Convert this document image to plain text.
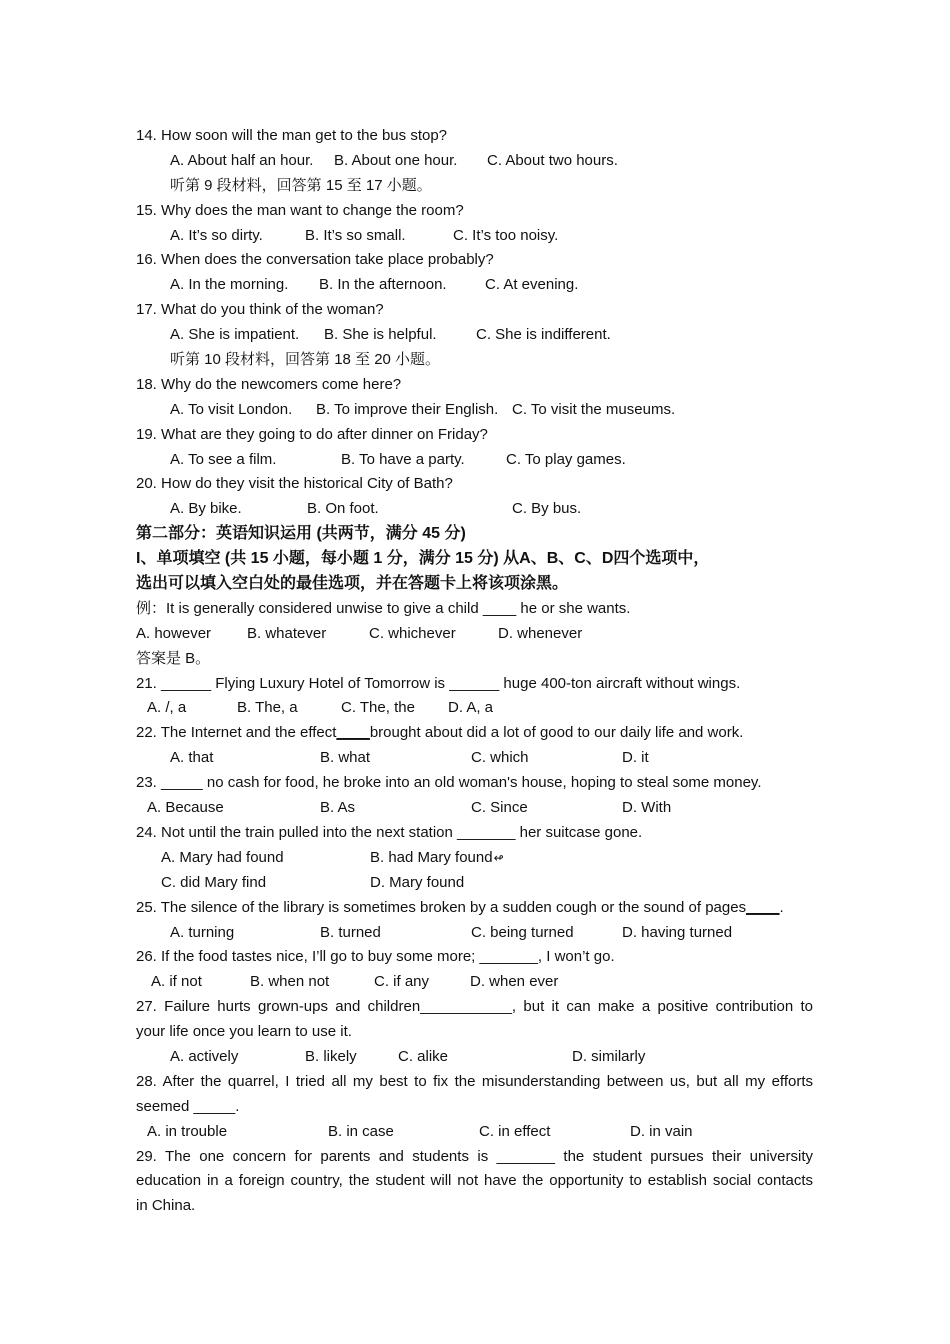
14. How soon will the man get to the bus stop?
A. About half an hour. B. About one hour. C. About two hours.
听第 9 段材料，回答第 15 至 17 小题。
15. Why does the man want to change the room?
A. It’s so dirty.	B. It’s so small.	C. It’s too noisy.
16. When does the conversation take place probably?
A. In the morning. B. In the afternoon.	C. At evening.
17. What do you think of the woman?
A. She is impatient. B. She is helpful.	C. She is indifferent.
听第 10 段材料，回答第 18 至 20 小题。
18. Why do the newcomers come here?
A. To visit London. B. To improve their English. C. To visit the museums.
19. What are they going to do after dinner on Friday?
A. To see a film.	B. To have a party.	C. To play games.
20. How do they visit the historical City of Bath?
A. By bike.	B. On foot.	C. By bus.
第二部分：英语知识运用 (共两节，满分 45 分)
I、单项填空 (共 15 小题，每小题 1 分，满分 15 分) 从A、B、C、D四个选项中，
选出可以填入空白处的最佳选项，并在答题卡上将该项涂黑。
例：It is generally considered unwise to give a child ____ he or she wants.
A. however B. whatever	C. whichever	D. whenever
答案是 B。
21. ______ Flying Luxury Hotel of Tomorrow is ______ huge 400-ton aircraft without wings.
A. /, a	B. The, a	C. The, the D. A, a
22. The Internet and the effect____brought about did a lot of good to our daily life and work.
A. that	B. what	C. which	D. it
23. _____ no cash for food, he broke into an old woman's house, hoping to steal some money.
A. Because	B. As	C. Since	D. With
24. Not until the train pulled into the next station _______ her suitcase gone.
A. Mary had found	B. had Mary found↫
C. did Mary find	D. Mary found
25. The silence of the library is sometimes broken by a sudden cough or the sound of pages____.
A. turning	B. turned	C. being turned	D. having turned
26. If the food tastes nice, I’ll go to buy some more; _______, I won’t go.
A. if not	B. when not	C. if any	D. when ever
27. Failure hurts grown-ups and children___________, but it can make a positive contribution to
your life once you learn to use it.
A. actively	B. likely	C. alike	D. similarly
28. After the quarrel, I tried all my best to fix the misunderstanding between us, but all my efforts
seemed _____.
A. in trouble	B. in case	C. in effect	D. in vain
29. The one concern for parents and students is _______ the student pursues their university
education in a foreign country, the student will not have the opportunity to establish social contacts
in China.
